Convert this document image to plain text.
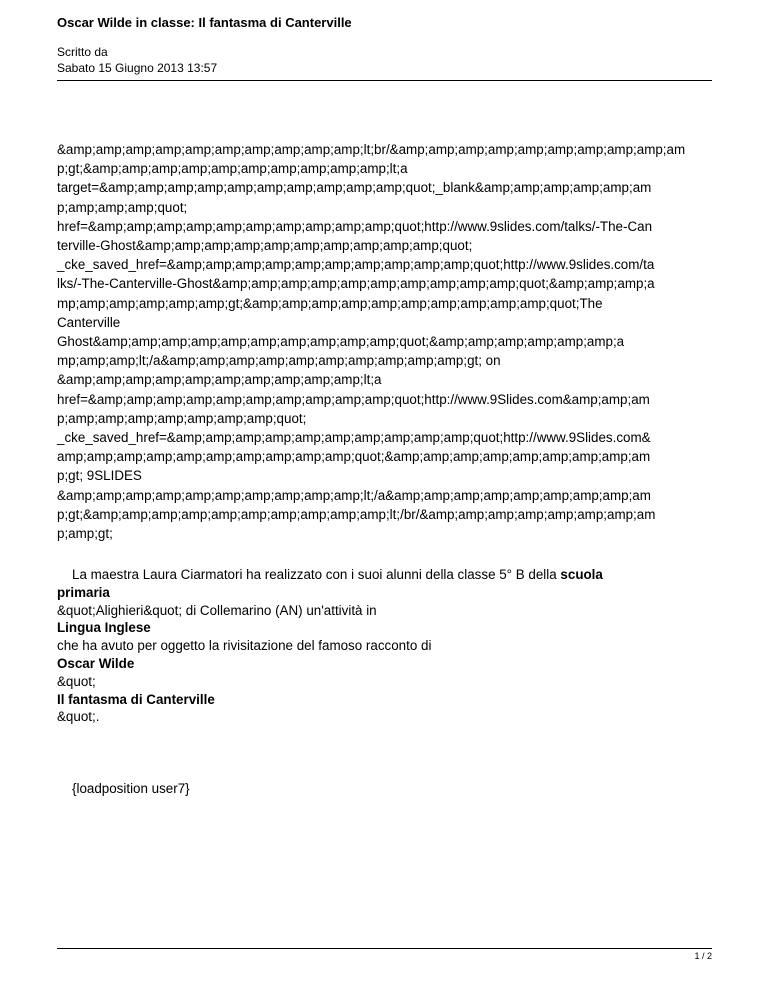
Oscar Wilde in classe: Il fantasma di Canterville
Scritto da
Sabato 15 Giugno 2013 13:57
&amp;amp;amp;amp;amp;amp;amp;amp;amp;amp;lt;br/&amp;amp;amp;amp;amp;amp;amp;amp;amp;am
p;gt;&amp;amp;amp;amp;amp;amp;amp;amp;amp;amp;lt;a
target=&amp;amp;amp;amp;amp;amp;amp;amp;amp;amp;quot;_blank&amp;amp;amp;amp;amp;am
p;amp;amp;amp;quot;
href=&amp;amp;amp;amp;amp;amp;amp;amp;amp;amp;quot;http://www.9slides.com/talks/-The-Can
terville-Ghost&amp;amp;amp;amp;amp;amp;amp;amp;amp;amp;quot;
_cke_saved_href=&amp;amp;amp;amp;amp;amp;amp;amp;amp;amp;quot;http://www.9slides.com/ta
lks/-The-Canterville-Ghost&amp;amp;amp;amp;amp;amp;amp;amp;amp;amp;quot;&amp;amp;amp;a
mp;amp;amp;amp;amp;amp;gt;&amp;amp;amp;amp;amp;amp;amp;amp;amp;amp;quot;The
Canterville
Ghost&amp;amp;amp;amp;amp;amp;amp;amp;amp;amp;quot;&amp;amp;amp;amp;amp;amp;a
mp;amp;amp;lt;/a&amp;amp;amp;amp;amp;amp;amp;amp;amp;amp;gt; on
&amp;amp;amp;amp;amp;amp;amp;amp;amp;amp;lt;a
href=&amp;amp;amp;amp;amp;amp;amp;amp;amp;amp;quot;http://www.9Slides.com&amp;amp;am
p;amp;amp;amp;amp;amp;amp;amp;quot;
_cke_saved_href=&amp;amp;amp;amp;amp;amp;amp;amp;amp;amp;quot;http://www.9Slides.com&
amp;amp;amp;amp;amp;amp;amp;amp;amp;amp;quot;&amp;amp;amp;amp;amp;amp;amp;amp;am
p;gt; 9SLIDES
&amp;amp;amp;amp;amp;amp;amp;amp;amp;amp;lt;/a&amp;amp;amp;amp;amp;amp;amp;amp;am
p;gt;&amp;amp;amp;amp;amp;amp;amp;amp;amp;amp;lt;/br/&amp;amp;amp;amp;amp;amp;amp;am
p;amp;gt;
La maestra Laura Ciarmatori ha realizzato con i suoi alunni della classe 5° B della scuola
primaria
&quot;Alighieri&quot; di Collemarino (AN) un'attività in
Lingua Inglese
che ha avuto per oggetto la rivisitazione del famoso racconto di
Oscar Wilde
&quot;
Il fantasma di Canterville
&quot;.
{loadposition user7}
1 / 2
